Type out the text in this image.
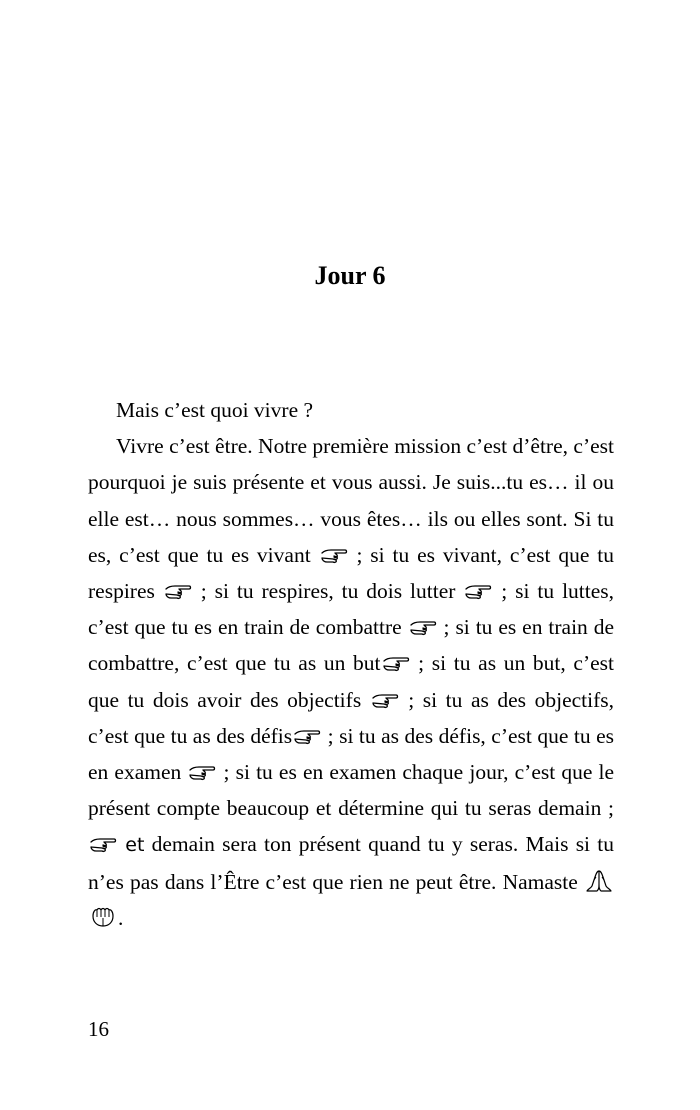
Jour 6

Mais c’est quoi vivre ?

Vivre c’est être. Notre première mission c’est d’être, c’est pourquoi je suis présente et vous aussi. Je suis...tu es… il ou elle est… nous sommes… vous êtes… ils ou elles sont. Si tu es, c’est que tu es vivant ; si tu es vivant, c’est que tu respires ; si tu respires, tu dois lutter ; si tu luttes, c’est que tu es en train de combattre ; si tu es en train de combattre, c’est que tu as un but ; si tu as un but, c’est que tu dois avoir des objectifs ; si tu as des objectifs, c’est que tu as des défis ; si tu as des défis, c’est que tu es en examen ; si tu es en examen chaque jour, c’est que le présent compte beaucoup et détermine qui tu seras demain ;
et demain sera ton présent quand tu y seras. Mais si tu n’es pas dans l’Être c’est que rien ne peut être. Namaste
.

16
